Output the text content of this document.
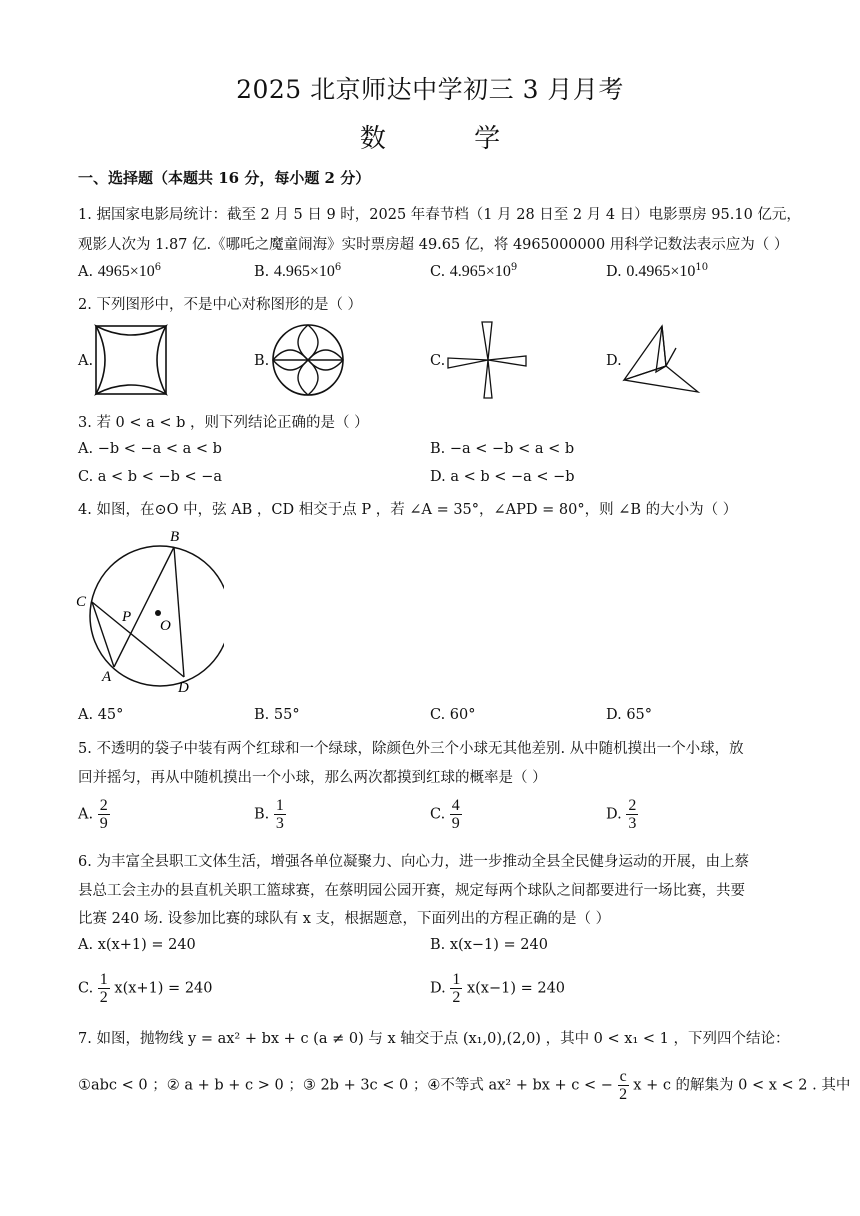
2025 北京师达中学初三 3 月月考
数 学
一、选择题（本题共 16 分，每小题 2 分）
1. 据国家电影局统计：截至 2 月 5 日 9 时，2025 年春节档（1 月 28 日至 2 月 4 日）电影票房 95.10 亿元，
观影人次为 1.87 亿.《哪吒之魔童闹海》实时票房超 49.65 亿，将 4965000000 用科学记数法表示应为（ ）
A. $4965\times 10^6$	B. $4.965\times 10^6$	C. $4.965\times 10^9$	D. $0.4965\times 10^{10}$
2. 下列图形中，不是中心对称图形的是（ ）
A.	B.	C.	D.
3. 若 0 < a < b ，则下列结论正确的是（ ）
A. −b < −a < a < b	B. −a < −b < a < b
C. a < b < −b < −a	D. a < b < −a < −b
4. 如图，在⊙O 中，弦 AB ，CD 相交于点 P ，若 ∠A = 35°，∠APD = 80°，则 ∠B 的大小为（ ）
B
C
P
O
A
D
A. 45°	B. 55°	C. 60°	D. 65°
5. 不透明的袋子中装有两个红球和一个绿球，除颜色外三个小球无其他差别. 从中随机摸出一个小球，放
回并摇匀，再从中随机摸出一个小球，那么两次都摸到红球的概率是（ ）
A. $\frac{2}{9}$	B. $\frac{1}{3}$	C. $\frac{4}{9}$	D. $\frac{2}{3}$
6. 为丰富全县职工文体生活，增强各单位凝聚力、向心力，进一步推动全县全民健身运动的开展，由上蔡
县总工会主办的县直机关职工篮球赛，在蔡明园公园开赛，规定每两个球队之间都要进行一场比赛，共要
比赛 240 场. 设参加比赛的球队有 x 支，根据题意，下面列出的方程正确的是（ ）
A. x(x+1) = 240	B. x(x−1) = 240
C. $\frac{1}{2} x(x+1) = 240$	D. $\frac{1}{2} x(x-1) = 240$
7. 如图，抛物线 y = ax² + bx + c (a ≠ 0) 与 x 轴交于点 (x₁,0),(2,0) ，其中 0 < x₁ < 1 ，下列四个结论：
①abc < 0 ；② a + b + c > 0 ；③ 2b + 3c < 0 ；④不等式 ax² + bx + c < − $\frac{c}{2}$ x + c 的解集为 0 < x < 2 . 其中
